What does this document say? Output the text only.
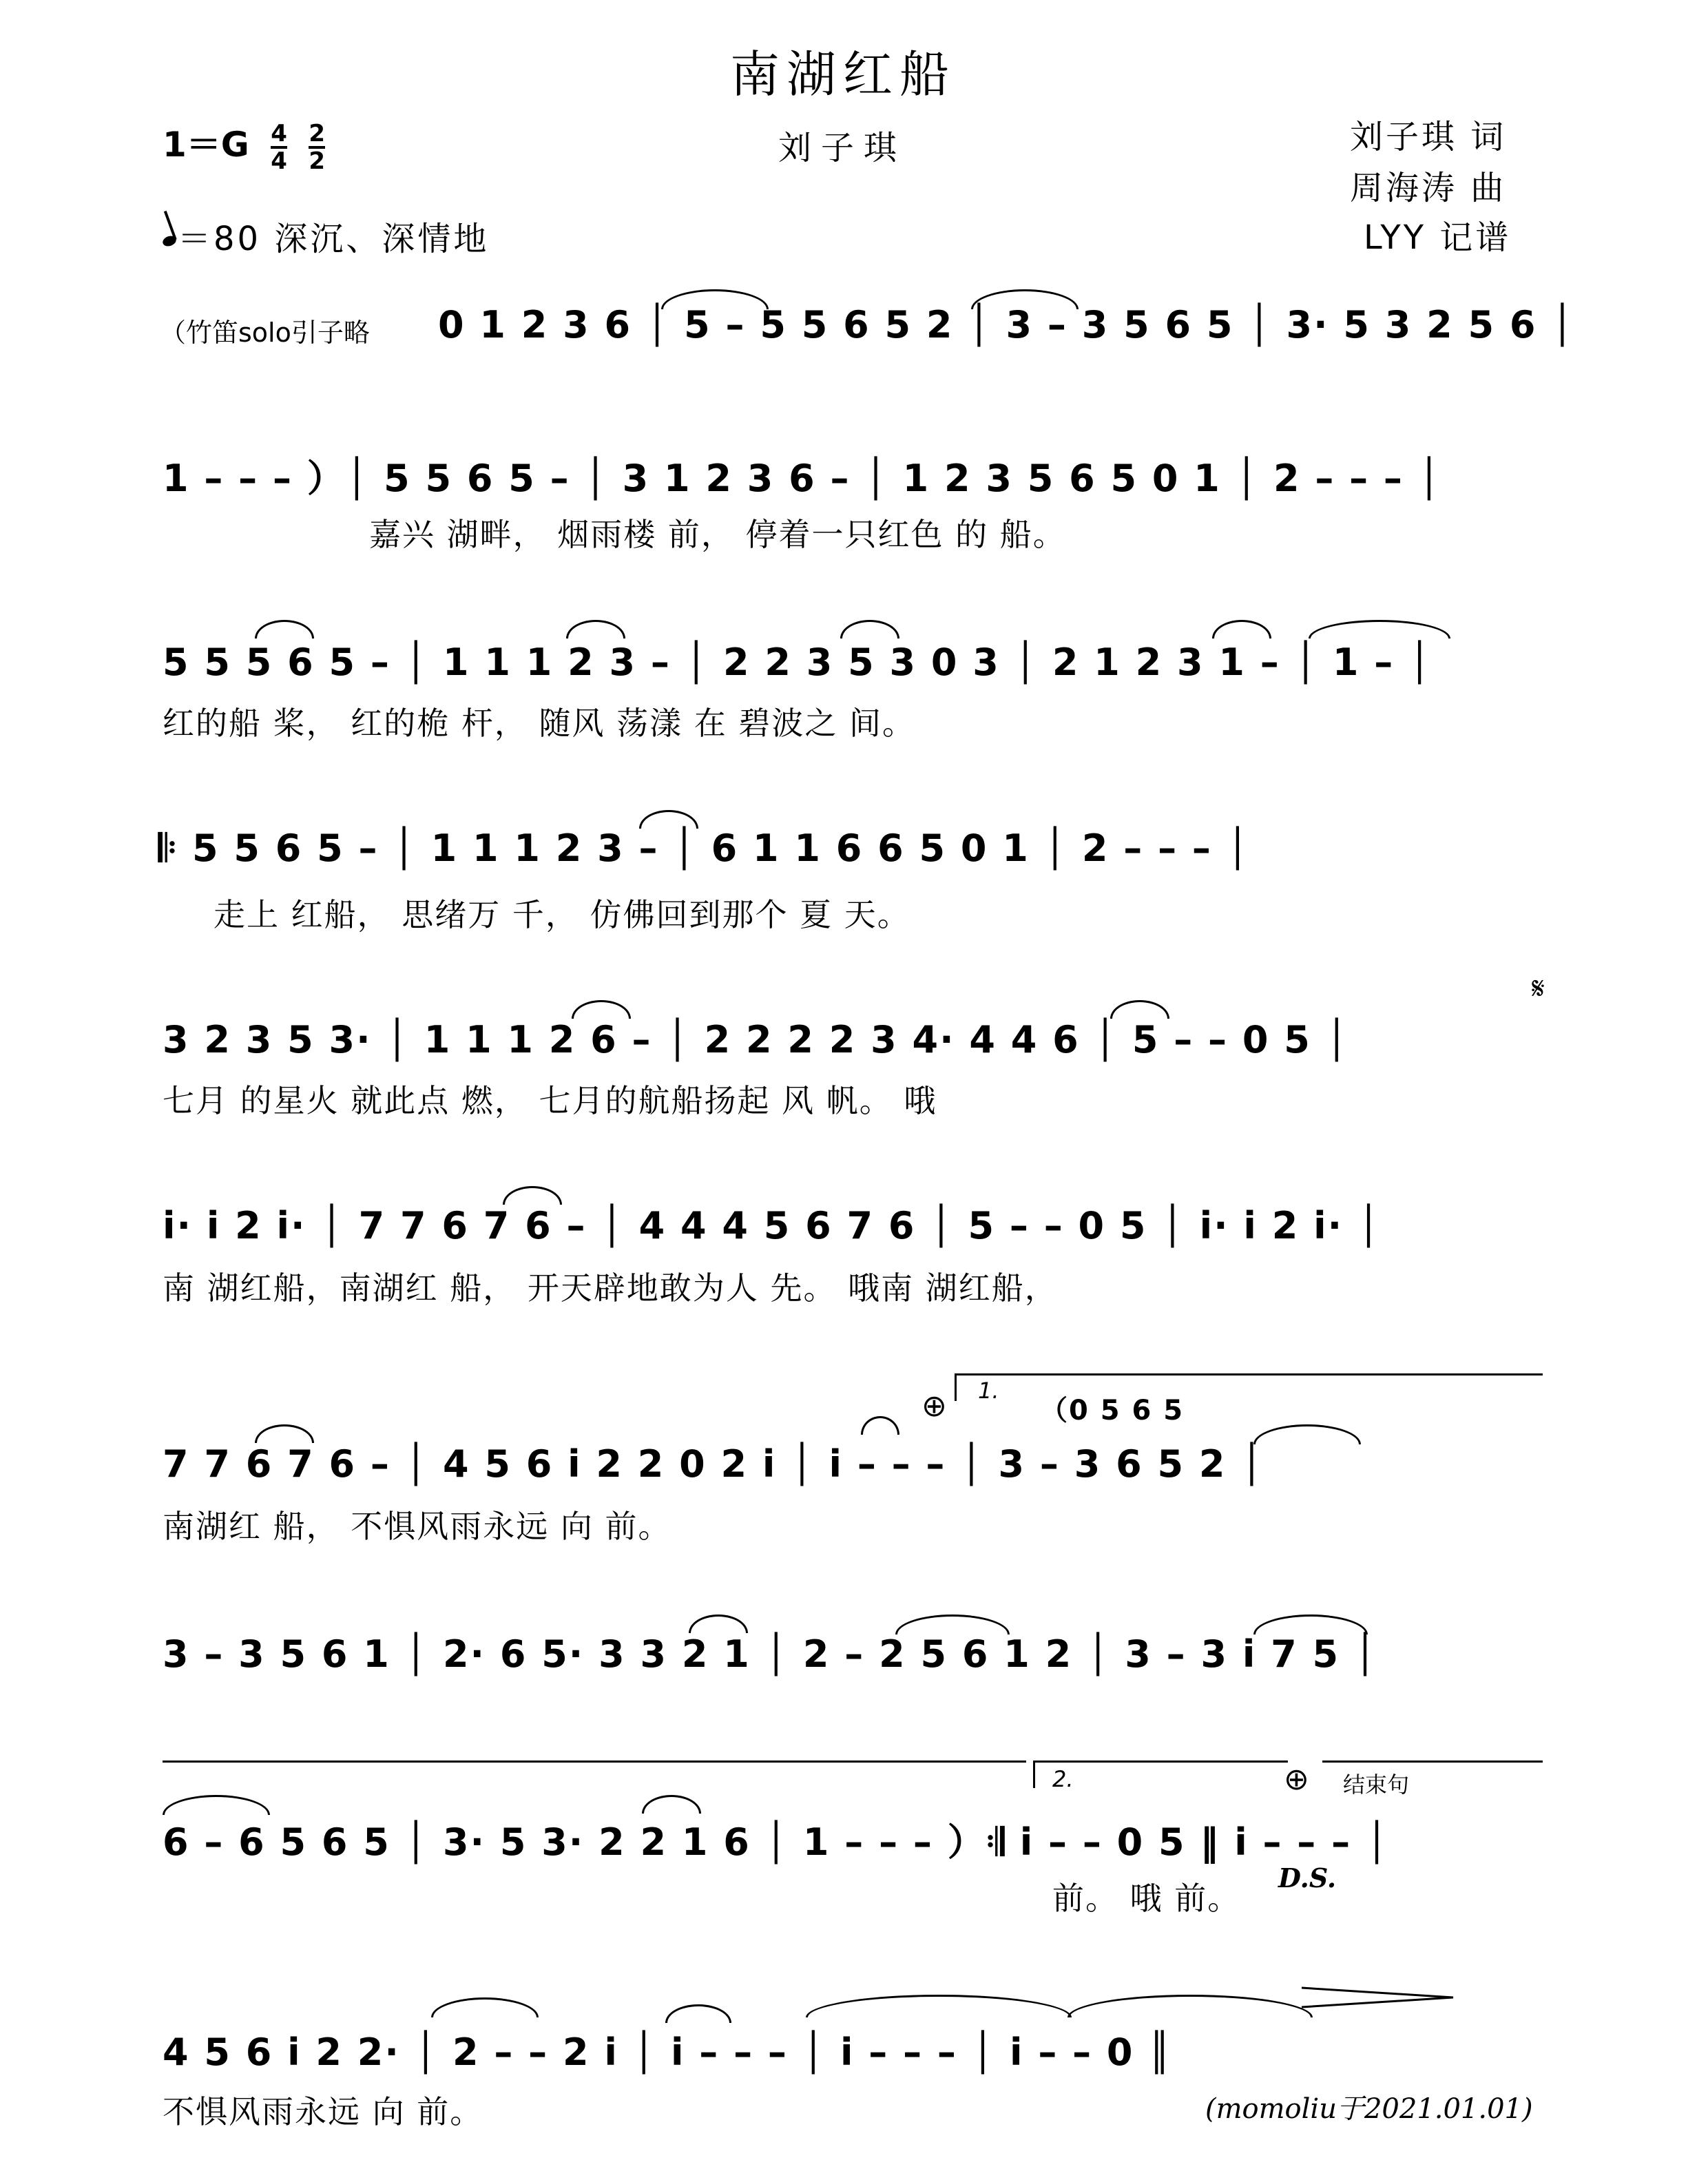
南湖红船
刘子琪
$1=G \frac{4}{4}$
$\frac{2}{2}$
＝80 深沉、深情地
刘子琪 词
周海涛 曲
LYY 记谱
（竹笛solo引子略 0 1 2 3 6 │ 5 – 5 5 6 5 2 │ 3 – 3 5 6 5 │ 3· 5 3 2 5 6 │
1 – – – ）│ 5 5 6 5 – │ 3 1 2 3 6 – │ 1 2 3 5 6 5 0 1 │ 2 – – – │
嘉兴 湖畔， 烟雨楼 前， 停着一只红色 的 船。
5 5 5 6 5 – │ 1 1 1 2 3 – │ 2 2 3 5 3 0 3 │ 2 1 2 3 1 – │ 1 – │
红的船 桨， 红的桅 杆， 随风 荡漾 在 碧波之 间。
𝄆 5 5 6 5 – │ 1 1 1 2 3 – │ 6 1 1 6 6 5 0 1 │ 2 – – – │
走上 红船， 思绪万 千， 仿佛回到那个 夏 天。
𝄋
3 2 3 5 3· │ 1 1 1 2 6 – │ 2 2 2 2 3 4· 4 4 6 │ 5 – – 0 5 │
七月 的星火 就此点 燃， 七月的航船扬起 风 帆。 哦
i· i 2 i· │ 7 7 6 7 6 – │ 4 4 4 5 6 7 6 │ 5 – – 0 5 │ i· i 2 i· │
南 湖红船，南湖红 船， 开天辟地敢为人 先。 哦南 湖红船，
1.
（0 5 6 5
⊕
7 7 6 7 6 – │ 4 5 6 i 2 2 0 2 i │ i – – – │ 3 – 3 6 5 2 │
南湖红 船， 不惧风雨永远 向 前。
3 – 3 5 6 1 │ 2· 6 5· 3 3 2 1 │ 2 – 2 5 6 1 2 │ 3 – 3 i 7 5 │
2.	⊕ 结束句
6 – 6 5 6 5 │ 3· 5 3· 2 2 1 6 │ 1 – – – ）𝄇 i – – 0 5 ‖ i – – – │
前。 哦 前。
D.S.
4 5 6 i 2 2· │ 2 – – 2 i │ i – – – │ i – – – │ i – – 0 ║
不惧风雨永远 向 前。	(momoliu于2021.01.01)
